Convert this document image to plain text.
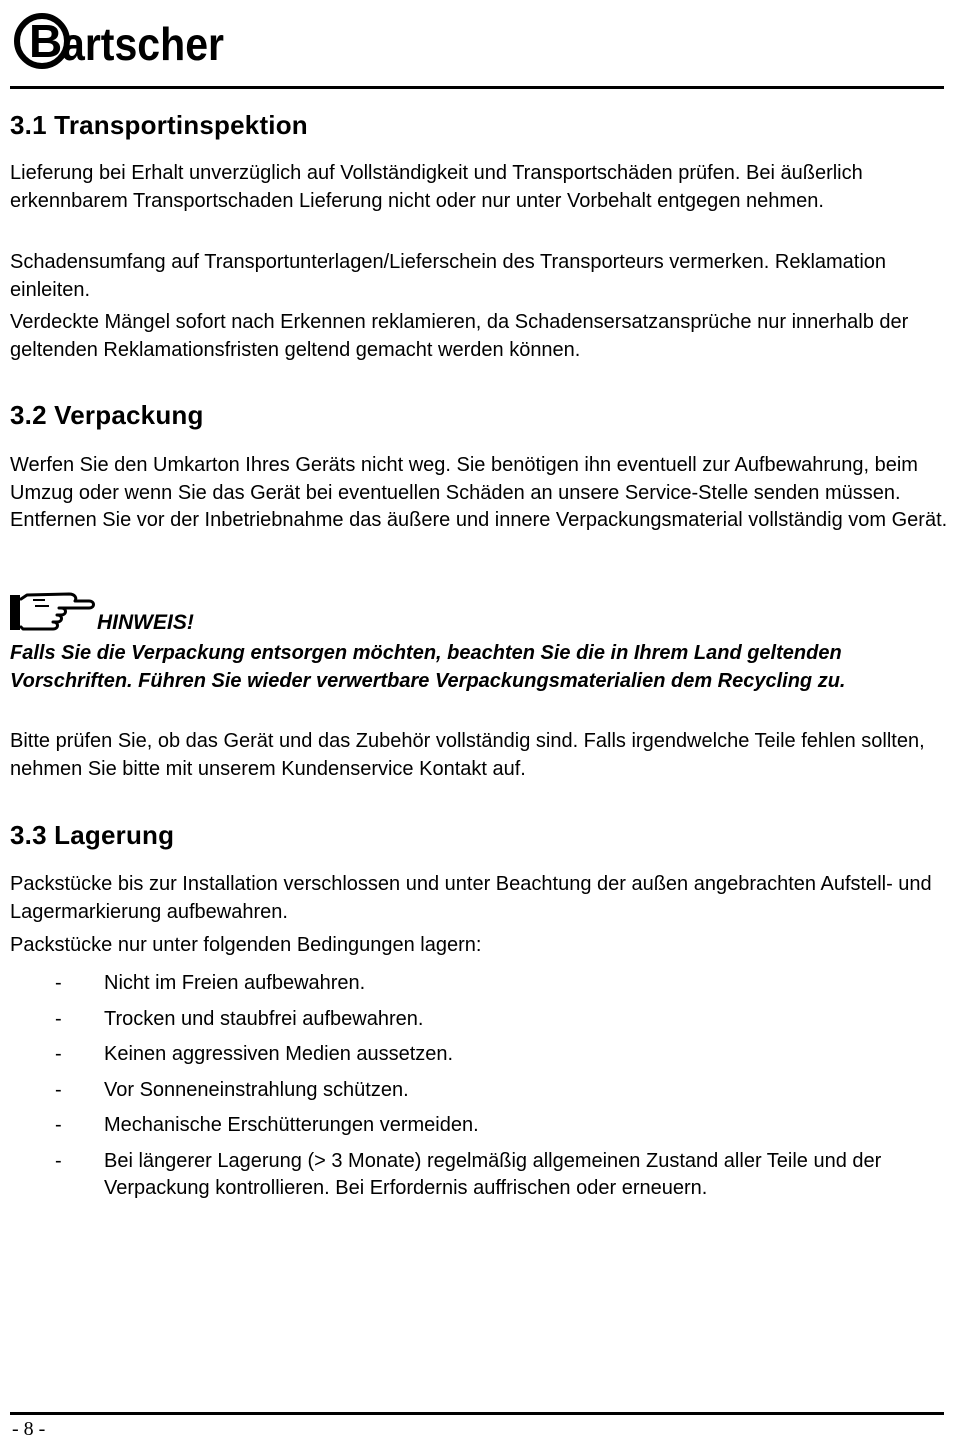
B artscher
3.1 Transportinspektion
Lieferung bei Erhalt unverzüglich auf Vollständigkeit und Transportschäden prüfen. Bei äußerlich erkennbarem Transportschaden Lieferung nicht oder nur unter Vorbehalt entgegen nehmen.
Schadensumfang auf Transportunterlagen/Lieferschein des Transporteurs vermerken. Reklamation einleiten.
Verdeckte Mängel sofort nach Erkennen reklamieren, da Schadensersatzansprüche nur innerhalb der geltenden Reklamationsfristen geltend gemacht werden können.
3.2 Verpackung
Werfen Sie den Umkarton Ihres Geräts nicht weg. Sie benötigen ihn eventuell zur Aufbewahrung, beim Umzug oder wenn Sie das Gerät bei eventuellen Schäden an unsere Service-Stelle senden müssen. Entfernen Sie vor der Inbetriebnahme das äußere und innere Verpackungsmaterial vollständig vom Gerät.
HINWEIS!
Falls Sie die Verpackung entsorgen möchten, beachten Sie die in Ihrem Land geltenden Vorschriften. Führen Sie wieder verwertbare Verpackungsmaterialien dem Recycling zu.
Bitte prüfen Sie, ob das Gerät und das Zubehör vollständig sind. Falls irgendwelche Teile fehlen sollten, nehmen Sie bitte mit unserem Kundenservice Kontakt auf.
3.3 Lagerung
Packstücke bis zur Installation verschlossen und unter Beachtung der außen angebrachten Aufstell- und Lagermarkierung aufbewahren.
Packstücke nur unter folgenden Bedingungen lagern:
- Nicht im Freien aufbewahren.
- Trocken und staubfrei aufbewahren.
- Keinen aggressiven Medien aussetzen.
- Vor Sonneneinstrahlung schützen.
- Mechanische Erschütterungen vermeiden.
- Bei längerer Lagerung (> 3 Monate) regelmäßig allgemeinen Zustand aller Teile und der Verpackung kontrollieren. Bei Erfordernis auffrischen oder erneuern.
- 8 -
